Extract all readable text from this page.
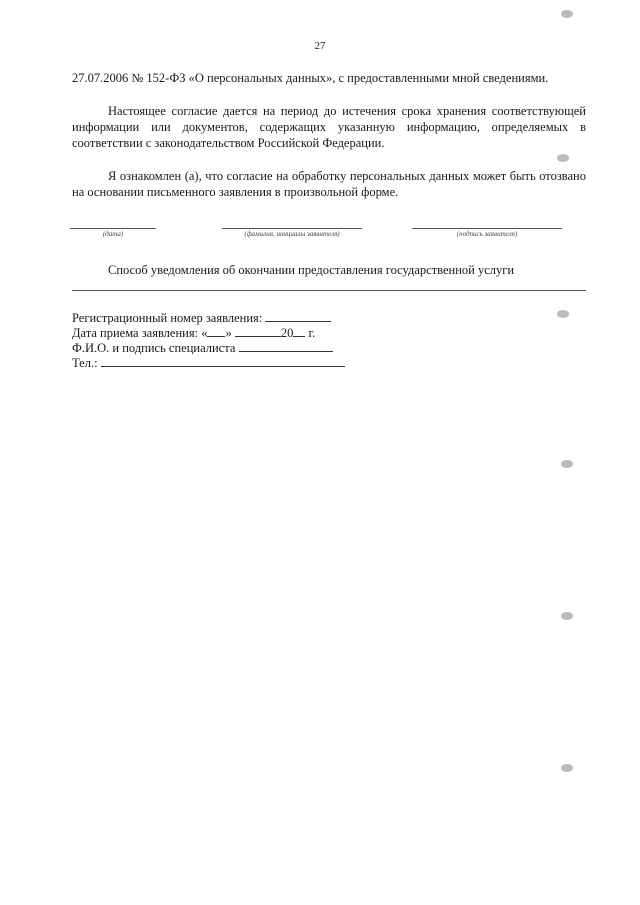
27
27.07.2006 № 152-ФЗ «О персональных данных», с предоставленными мной сведениями.
Настоящее согласие дается на период до истечения срока хранения соответствующей информации или документов, содержащих указанную информацию, определяемых в соответствии с законодательством Российской Федерации.
Я ознакомлен (а), что согласие на обработку персональных данных может быть отозвано на основании письменного заявления в произвольной форме.
(дата)	(фамилия, инициалы заявителя)	(подпись заявителя)
Способ уведомления об окончании предоставления государственной услуги
Регистрационный номер заявления:
Дата приема заявления: « »	20 г.
Ф.И.О. и подпись специалиста
Тел.:
